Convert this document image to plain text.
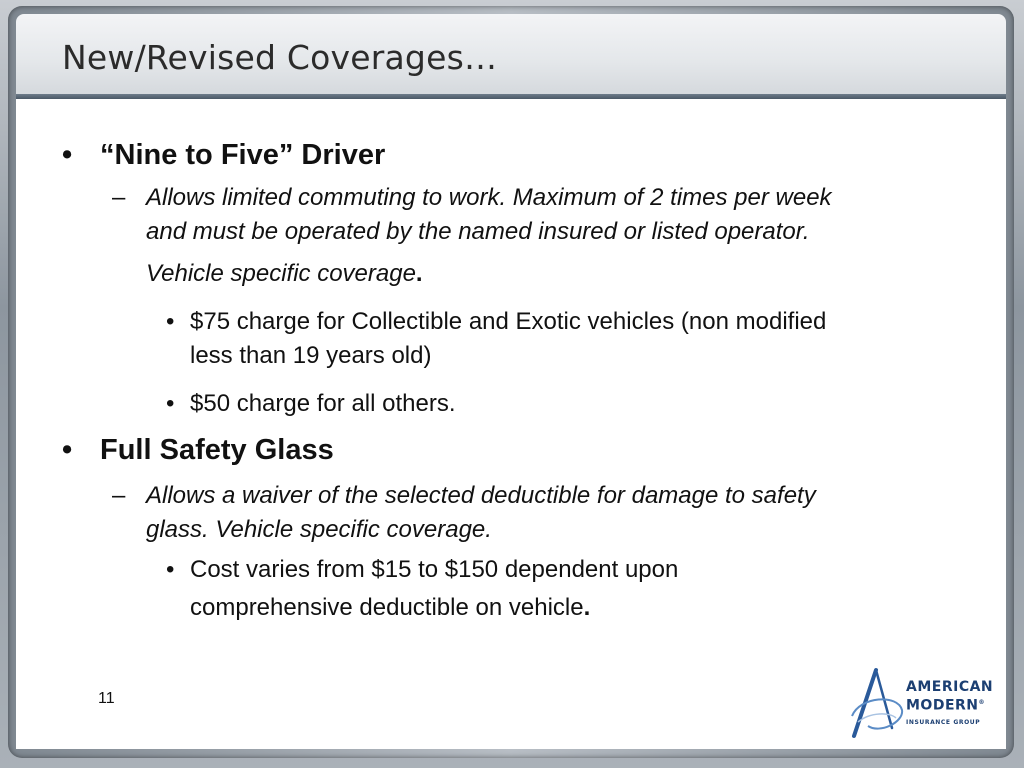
New/Revised Coverages…
• “Nine to Five” Driver
– Allows limited commuting to work. Maximum of 2 times per week
and must be operated by the named insured or listed operator.
Vehicle specific coverage.
• $75 charge for Collectible and Exotic vehicles (non modified
less than 19 years old)
• $50 charge for all others.
• Full Safety Glass
– Allows a waiver of the selected deductible for damage to safety
glass. Vehicle specific coverage.
• Cost varies from $15 to $150 dependent upon
comprehensive deductible on vehicle.
11
AMERICAN
MODERN®
INSURANCE GROUP
